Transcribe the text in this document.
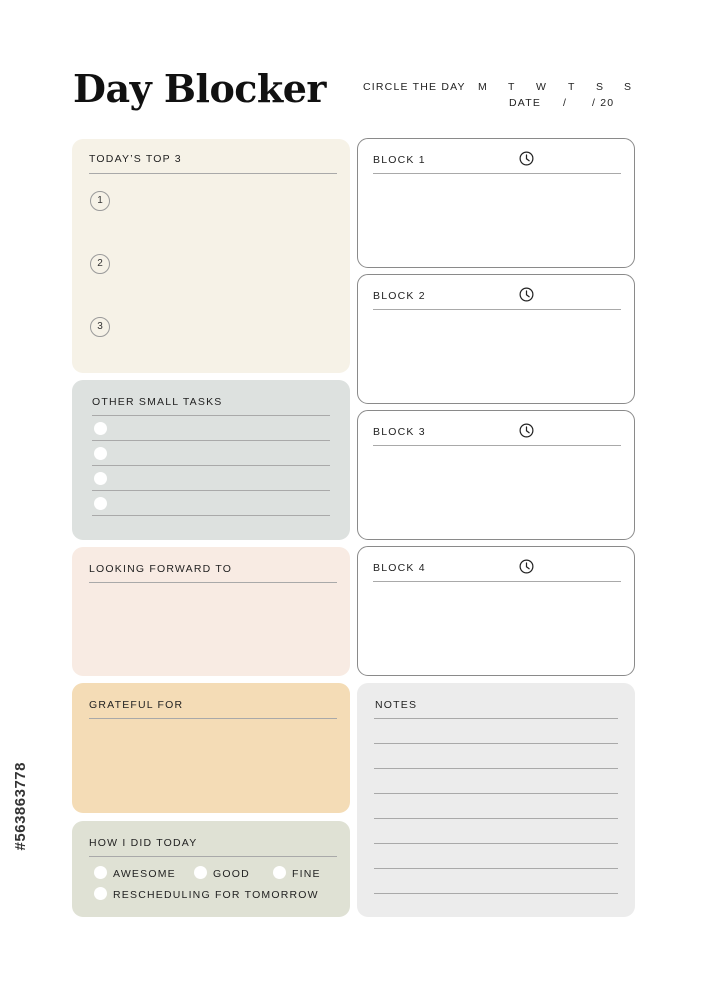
Day Blocker	CIRCLE THE DAY M T W T S S
DATE / / 20
TODAY’S TOP 3
1
2
3
OTHER SMALL TASKS
LOOKING FORWARD TO
GRATEFUL FOR
HOW I DID TODAY
AWESOME	GOOD	FINE
RESCHEDULING FOR TOMORROW
BLOCK 1
BLOCK 2
BLOCK 3
BLOCK 4
NOTES
#563863778
